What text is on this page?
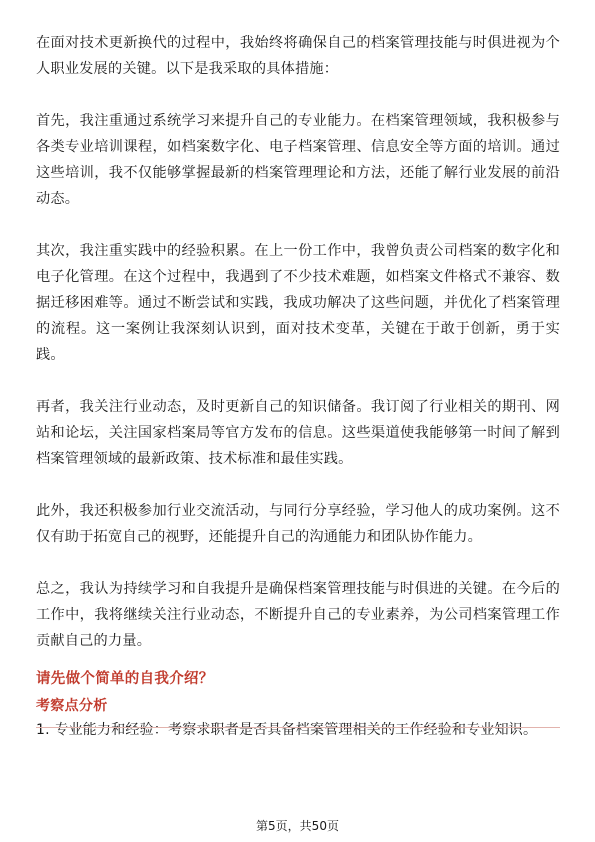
在面对技术更新换代的过程中，我始终将确保自己的档案管理技能与时俱进视为个人职业发展的关键。以下是我采取的具体措施：

首先，我注重通过系统学习来提升自己的专业能力。在档案管理领域，我积极参与各类专业培训课程，如档案数字化、电子档案管理、信息安全等方面的培训。通过这些培训，我不仅能够掌握最新的档案管理理论和方法，还能了解行业发展的前沿动态。

其次，我注重实践中的经验积累。在上一份工作中，我曾负责公司档案的数字化和电子化管理。在这个过程中，我遇到了不少技术难题，如档案文件格式不兼容、数据迁移困难等。通过不断尝试和实践，我成功解决了这些问题，并优化了档案管理的流程。这一案例让我深刻认识到，面对技术变革，关键在于敢于创新，勇于实践。

再者，我关注行业动态，及时更新自己的知识储备。我订阅了行业相关的期刊、网站和论坛，关注国家档案局等官方发布的信息。这些渠道使我能够第一时间了解到档案管理领域的最新政策、技术标准和最佳实践。

此外，我还积极参加行业交流活动，与同行分享经验，学习他人的成功案例。这不仅有助于拓宽自己的视野，还能提升自己的沟通能力和团队协作能力。

总之，我认为持续学习和自我提升是确保档案管理技能与时俱进的关键。在今后的工作中，我将继续关注行业动态，不断提升自己的专业素养，为公司档案管理工作贡献自己的力量。

请先做个简单的自我介绍？
考察点分析

1. 专业能力和经验：考察求职者是否具备档案管理相关的工作经验和专业知识。

第5页，共50页
